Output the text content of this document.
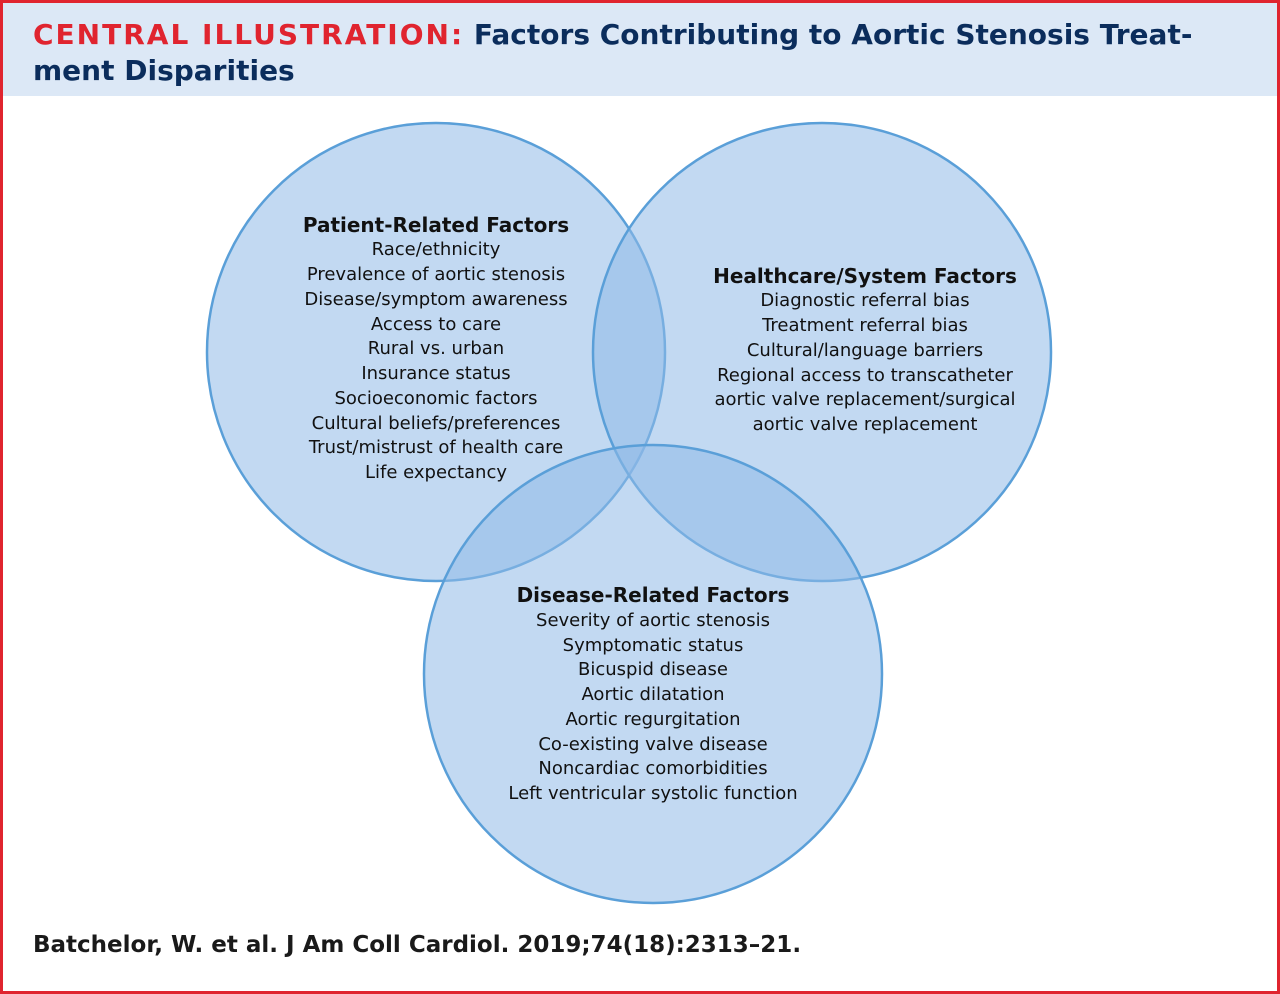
CENTRAL ILLUSTRATION: Factors Contributing to Aortic Stenosis Treat-
ment Disparities
Patient-Related Factors
Race/ethnicity
Prevalence of aortic stenosis
Disease/symptom awareness
Access to care
Rural vs. urban
Insurance status
Socioeconomic factors
Cultural beliefs/preferences
Trust/mistrust of health care
Life expectancy
Healthcare/System Factors
Diagnostic referral bias
Treatment referral bias
Cultural/language barriers
Regional access to transcatheter
aortic valve replacement/surgical
aortic valve replacement
Disease-Related Factors
Severity of aortic stenosis
Symptomatic status
Bicuspid disease
Aortic dilatation
Aortic regurgitation
Co-existing valve disease
Noncardiac comorbidities
Left ventricular systolic function
Batchelor, W. et al. J Am Coll Cardiol. 2019;74(18):2313–21.
